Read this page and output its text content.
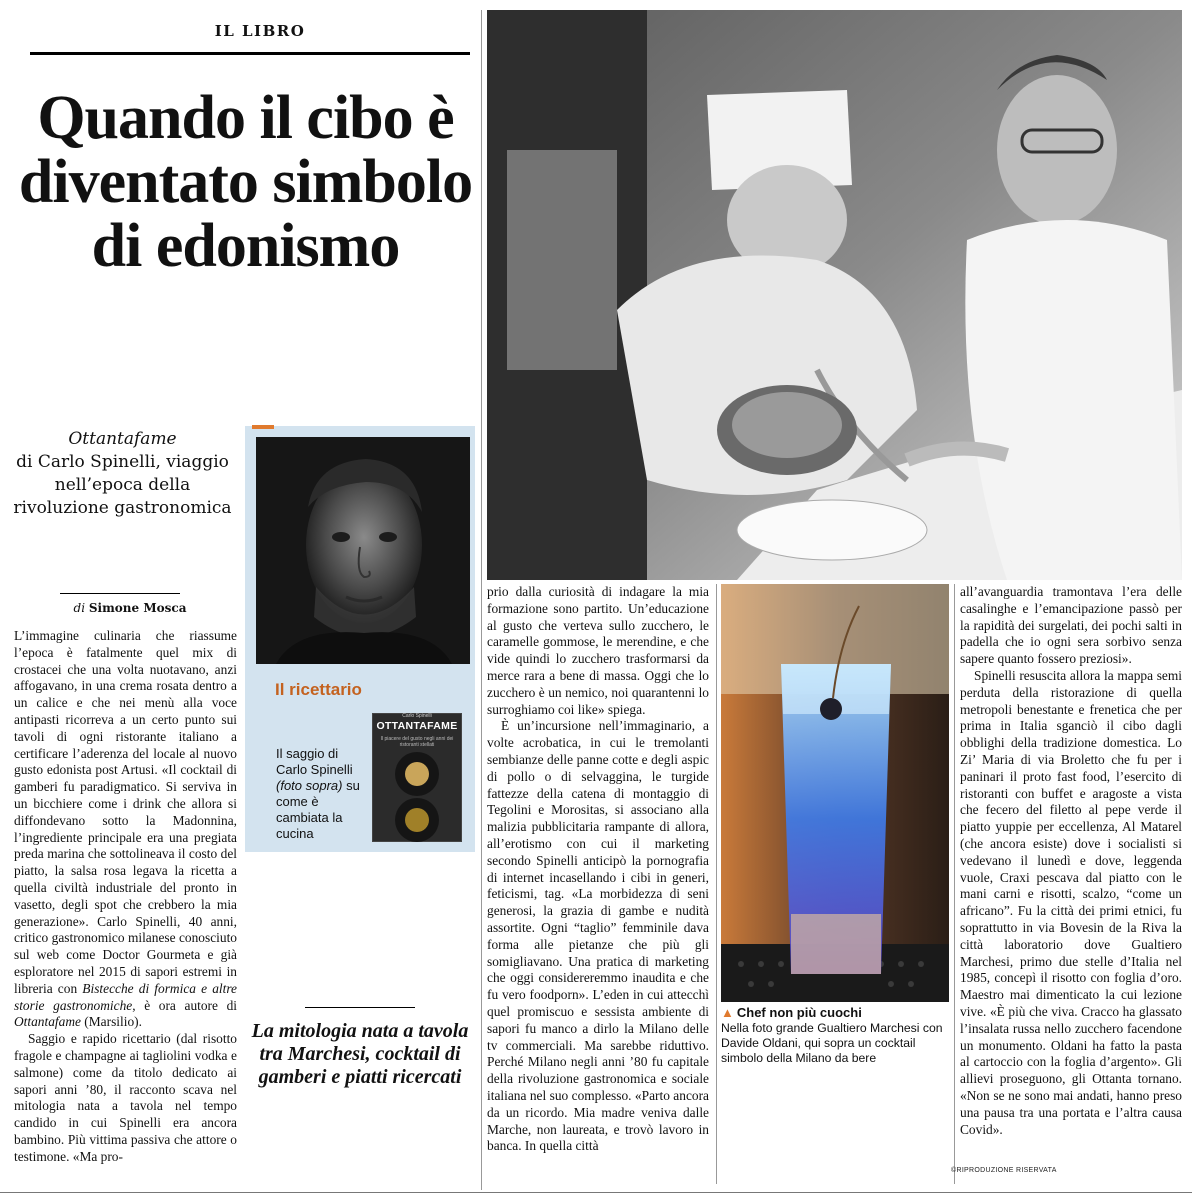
IL LIBRO
Quando il cibo è diventato simbolo di edonismo
Ottantafame
di Carlo Spinelli, viaggio nell’epoca della rivoluzione gastronomica
di Simone Mosca

L’immagine culinaria che riassume l’epoca è fatalmente quel mix di crostacei che una volta nuotavano, anzi affogavano, in una crema rosata dentro a un calice e che nei menù alla voce antipasti ricorreva a un certo punto sui tavoli di ogni ristorante italiano a certificare l’aderenza del locale al nuovo gusto edonista post Artusi. «Il cocktail di gamberi fu paradigmatico. Si serviva in un bicchiere come i drink che allora si diffondevano sotto la Madonnina, l’ingrediente principale era una pregiata preda marina che sottolineava il costo del piatto, la salsa rosa legava la ricetta a quella civiltà industriale del pronto in vasetto, degli spot che crebbero la mia generazione». Carlo Spinelli, 40 anni, critico gastronomico milanese conosciuto sul web come Doctor Gourmeta e già esploratore nel 2015 di sapori estremi in libreria con Bistecche di formica e altre storie gastronomiche, è ora autore di Ottantafame (Marsilio).

Saggio e rapido ricettario (dal risotto fragole e champagne ai tagliolini vodka e salmone) come da titolo dedicato ai sapori anni ’80, il racconto scava nel mitologia nata a tavola nel tempo candido in cui Spinelli era ancora bambino. Più vittima passiva che attore o testimone. «Ma pro-

Il ricettario
Il saggio di Carlo Spinelli (foto sopra) su come è cambiata la cucina
Carlo Spinelli
OTTANTAFAME
Il piacere del gusto negli anni dei ristoranti stellati
La mitologia nata a tavola tra Marchesi, cocktail di gamberi e piatti ricercati

prio dalla curiosità di indagare la mia formazione sono partito. Un’educazione al gusto che verteva sullo zucchero, le caramelle gommose, le merendine, e che vide quindi lo zucchero trasformarsi da merce rara a bene di massa. Oggi che lo zucchero è un nemico, noi quarantenni lo surroghiamo coi like» spiega.

È un’incursione nell’immaginario, a volte acrobatica, in cui le tremolanti sembianze delle panne cotte e degli aspic di pollo o di selvaggina, le turgide fattezze della catena di montaggio di Tegolini e Morositas, si associano alla malizia pubblicitaria rampante di allora, all’erotismo con cui il marketing secondo Spinelli anticipò la pornografia di internet incasellando i cibi in generi, feticismi, tag. «La morbidezza di seni generosi, la grazia di gambe e nudità assortite. Ogni “taglio” femminile dava forma alle pietanze che più gli somigliavano. Una pratica di marketing che oggi considereremmo inaudita e che fu vero foodporn». L’eden in cui attecchì quel promiscuo e sessista ambiente di sapori fu manco a dirlo la Milano delle tv commerciali. Ma sarebbe riduttivo. Perché Milano negli anni ’80 fu capitale della rivoluzione gastronomica e sociale italiana nel suo complesso. «Parto ancora da un ricordo. Mia madre veniva dalle Marche, non laureata, e trovò lavoro in banca. In quella città

▲ Chef non più cuochi
Nella foto grande Gualtiero Marchesi con Davide Oldani, qui sopra un cocktail simbolo della Milano da bere

all’avanguardia tramontava l’era delle casalinghe e l’emancipazione passò per la rapidità dei surgelati, dei pochi salti in padella che io ogni sera sorbivo senza sapere quanto fossero preziosi».

Spinelli resuscita allora la mappa semi perduta della ristorazione di quella metropoli benestante e frenetica che per prima in Italia sganciò il cibo dagli obblighi della tradizione domestica. Lo Zi’ Maria di via Broletto che fu per i paninari il proto fast food, l’esercito di ristoranti con buffet e aragoste a vista che fecero del filetto al pepe verde il piatto yuppie per eccellenza, Al Matarel (che ancora esiste) dove i socialisti si vedevano il lunedì e dove, leggenda vuole, Craxi pescava dal piatto con le mani carni e risotti, scalzo, “come un africano”. Fu la città dei primi etnici, fu soprattutto in via Bovesin de la Riva la città laboratorio dove Gualtiero Marchesi, primo due stelle d’Italia nel 1985, concepì il risotto con foglia d’oro. Maestro mai dimenticato la cui lezione vive. «È più che viva. Cracco ha glassato l’insalata russa nello zucchero facendone un monumento. Oldani ha fatto la pasta al cartoccio con la foglia d’argento». Gli allievi proseguono, gli Ottanta tornano. «Non se ne sono mai andati, hanno preso una pausa tra una portata e l’altra causa Covid».

©RIPRODUZIONE RISERVATA
